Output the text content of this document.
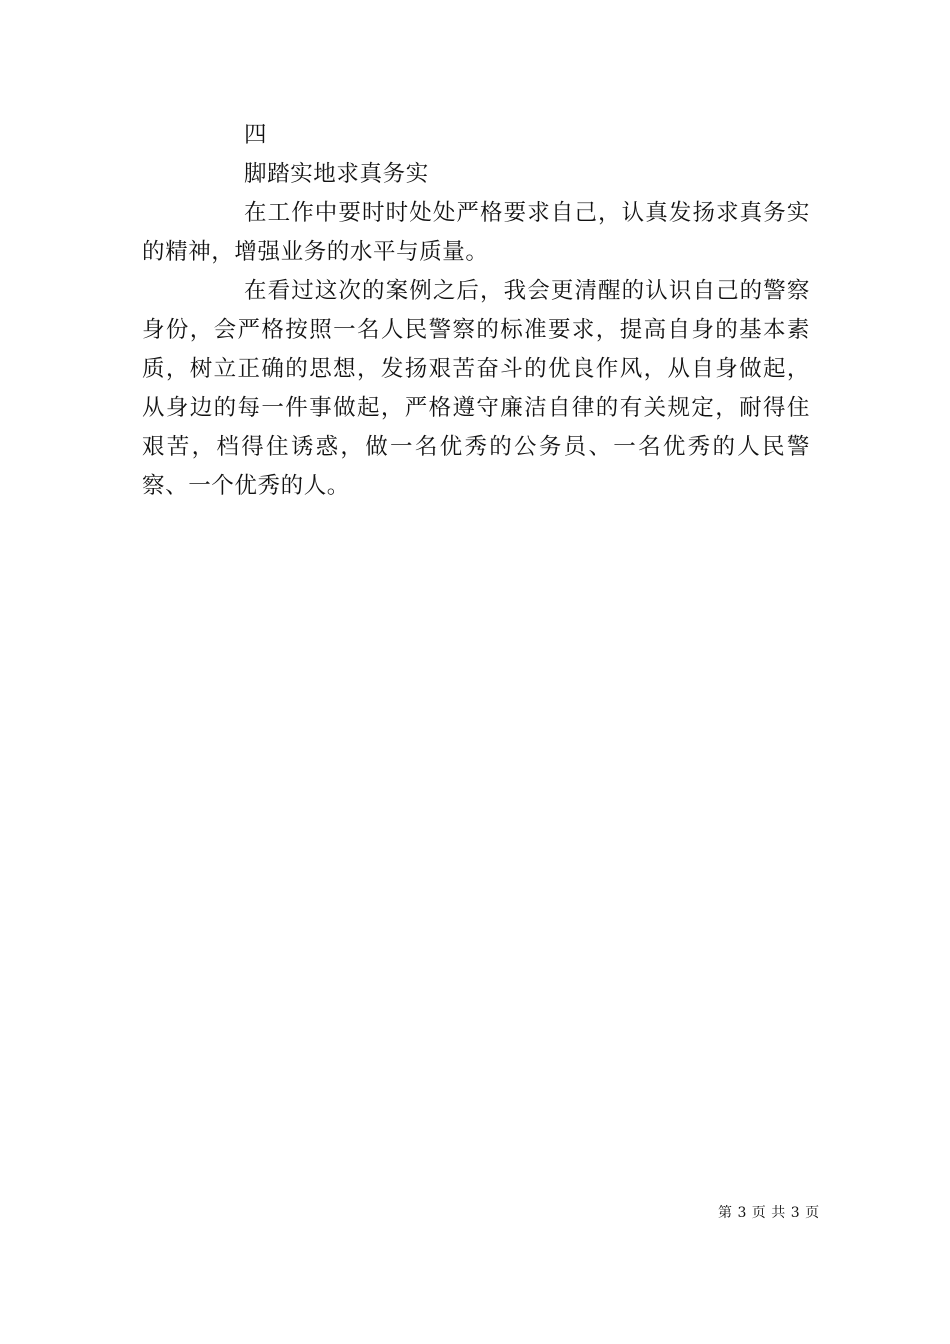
四
脚踏实地求真务实

在工作中要时时处处严格要求自己，认真发扬求真务实的精神，增强业务的水平与质量。

在看过这次的案例之后，我会更清醒的认识自己的警察身份，会严格按照一名人民警察的标准要求，提高自身的基本素质，树立正确的思想，发扬艰苦奋斗的优良作风，从自身做起，从身边的每一件事做起，严格遵守廉洁自律的有关规定，耐得住艰苦，档得住诱惑，做一名优秀的公务员、一名优秀的人民警察、一个优秀的人。

第 3 页 共 3 页
